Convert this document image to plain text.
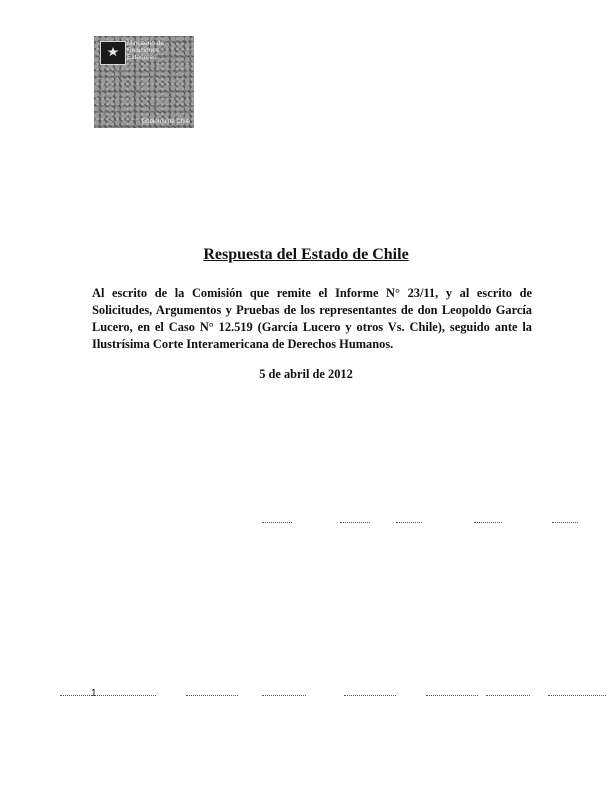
Ministerio de
Relaciones
Exteriores
Gobierno de Chile
Respuesta del Estado de Chile

Al escrito de la Comisión que remite el Informe N° 23/11, y al escrito de Solicitudes, Argumentos y Pruebas de los representantes de don Leopoldo García Lucero, en el Caso N° 12.519 (García Lucero y otros Vs. Chile), seguido ante la Ilustrísima Corte Interamericana de Derechos Humanos.

5 de abril de 2012

1
